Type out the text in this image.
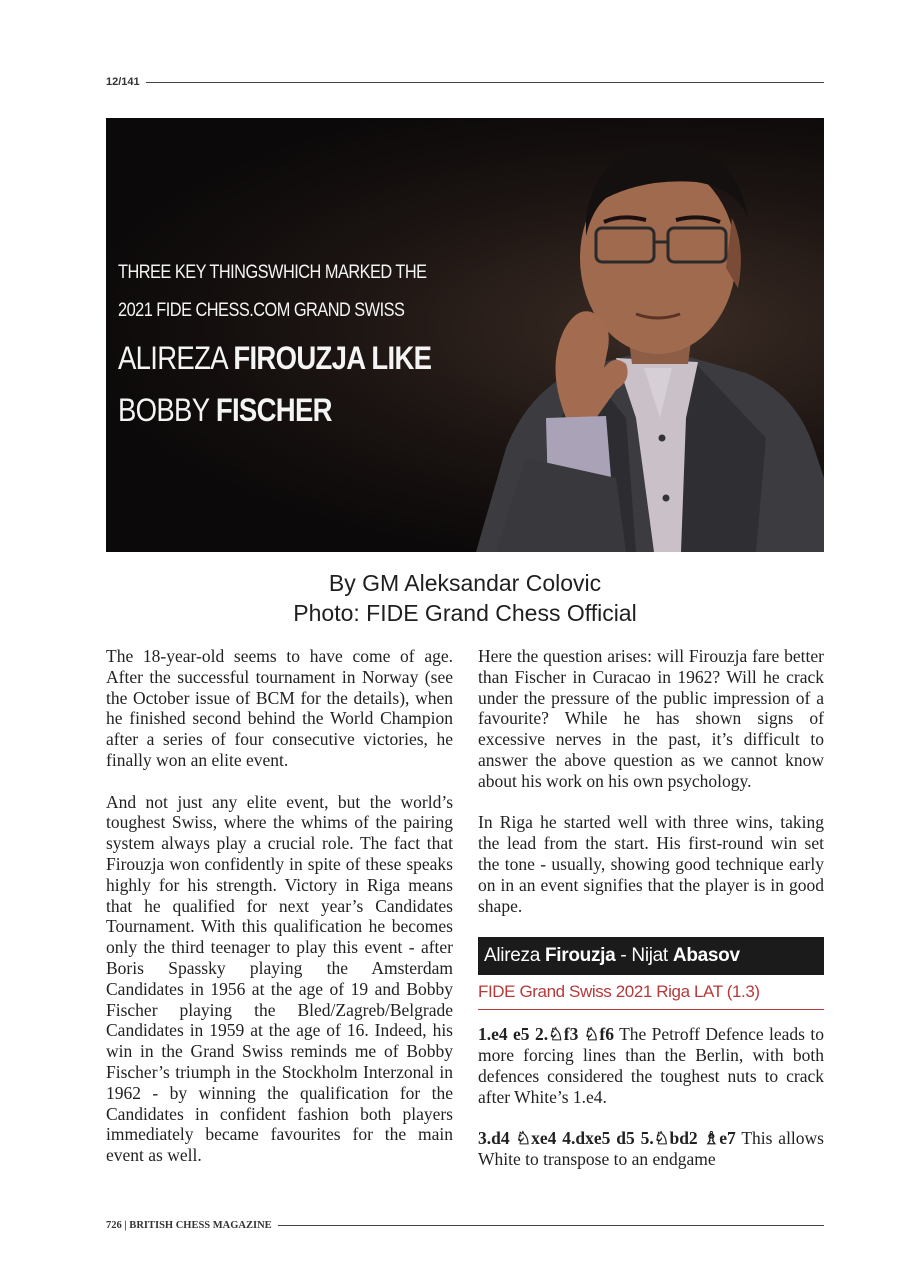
12/141
THREE KEY THINGSWHICH MARKED THE
2021 FIDE CHESS.COM GRAND SWISS
ALIREZA FIROUZJA LIKE
BOBBY FISCHER
By GM Aleksandar Colovic
Photo: FIDE Grand Chess Official

The 18-year-old seems to have come of age. After the successful tournament in Norway (see the October issue of BCM for the details), when he finished second behind the World Champion after a series of four consecutive victories, he finally won an elite event.

And not just any elite event, but the world’s toughest Swiss, where the whims of the pairing system always play a crucial role. The fact that Firouzja won confidently in spite of these speaks highly for his strength. Victory in Riga means that he qualified for next year’s Candidates Tournament. With this qualification he becomes only the third teenager to play this event - after Boris Spassky playing the Amsterdam Candidates in 1956 at the age of 19 and Bobby Fischer playing the Bled/Zagreb/Belgrade Candidates in 1959 at the age of 16. Indeed, his win in the Grand Swiss reminds me of Bobby Fischer’s triumph in the Stockholm Interzonal in 1962 - by winning the qualification for the Candidates in confident fashion both players immediately became favourites for the main event as well.

Here the question arises: will Firouzja fare better than Fischer in Curacao in 1962? Will he crack under the pressure of the public impression of a favourite? While he has shown signs of excessive nerves in the past, it’s difficult to answer the above question as we cannot know about his work on his own psychology.

In Riga he started well with three wins, taking the lead from the start. His first-round win set the tone - usually, showing good technique early on in an event signifies that the player is in good shape.

Alireza Firouzja - Nijat Abasov
FIDE Grand Swiss 2021 Riga LAT (1.3)

1.e4 e5 2.♘f3 ♘f6 The Petroff Defence leads to more forcing lines than the Berlin, with both defences considered the toughest nuts to crack after White’s 1.e4.

3.d4 ♘xe4 4.dxe5 d5 5.♘bd2 ♗e7 This allows White to transpose to an endgame

726 | BRITISH CHESS MAGAZINE
